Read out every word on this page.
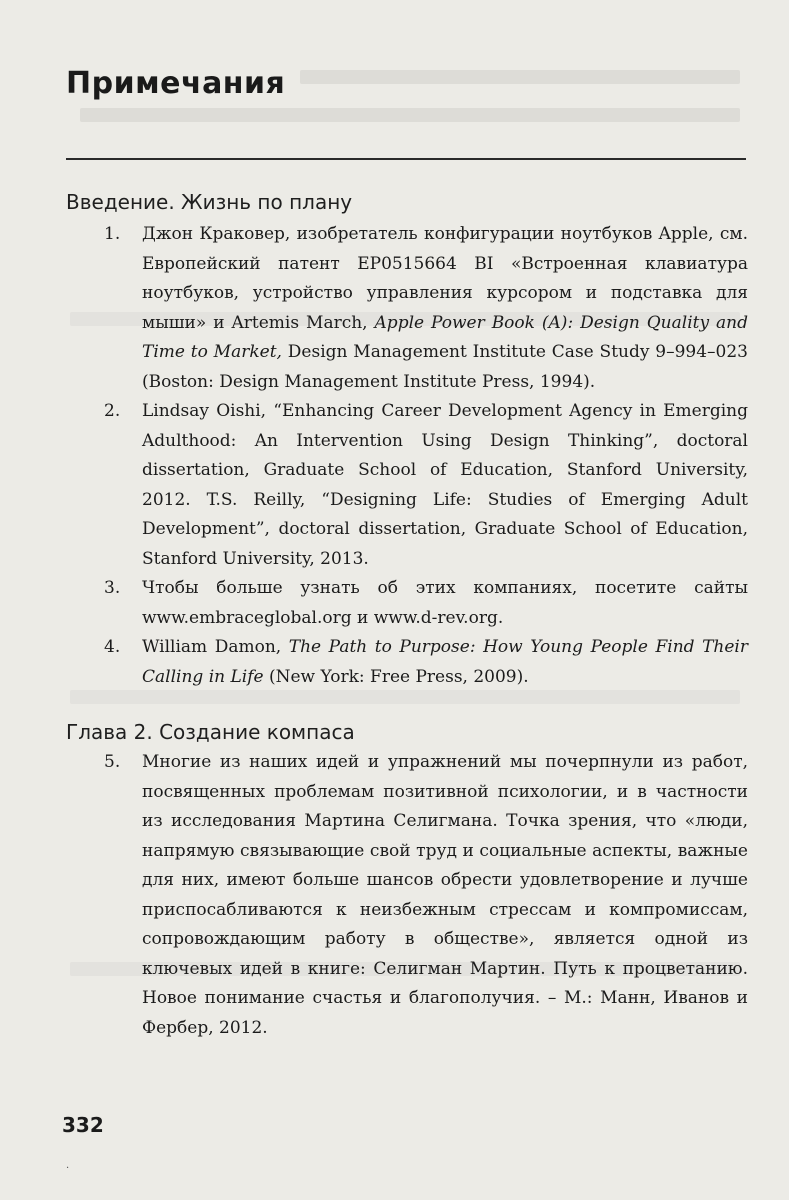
Примечания
Введение. Жизнь по плану
1. Джон Краковер, изобретатель конфигурации ноутбуков Apple, см. Европейский патент EP0515664 BI «Встроенная клавиатура ноутбуков, устройство управления курсором и подставка для мыши» и Artemis March, Apple Power Book (A): Design Quality and Time to Market, Design Management Institute Case Study 9–994–023 (Boston: Design Management Institute Press, 1994).
2. Lindsay Oishi, “Enhancing Career Development Agency in Emerging Adulthood: An Intervention Using Design Thinking”, doctoral dissertation, Graduate School of Education, Stanford University, 2012. T.S. Reilly, “Designing Life: Studies of Emerging Adult Development”, doctoral dissertation, Graduate School of Education, Stanford University, 2013.
3. Чтобы больше узнать об этих компаниях, посетите сайты www.embraceglobal.org и www.d-rev.org.
4. William Damon, The Path to Purpose: How Young People Find Their Calling in Life (New York: Free Press, 2009).
Глава 2. Создание компаса
5. Многие из наших идей и упражнений мы почерпнули из работ, посвященных проблемам позитивной психологии, и в частности из исследования Мартина Селигмана. Точка зрения, что «люди, напрямую связывающие свой труд и социальные аспекты, важные для них, имеют больше шансов обрести удовлетворение и лучше приспосабливаются к неизбежным стрессам и компромиссам, сопровождающим работу в обществе», является одной из ключевых идей в книге: Селигман Мартин. Путь к процветанию. Новое понимание счастья и благополучия. – М.: Манн, Иванов и Фербер, 2012.
332
·
